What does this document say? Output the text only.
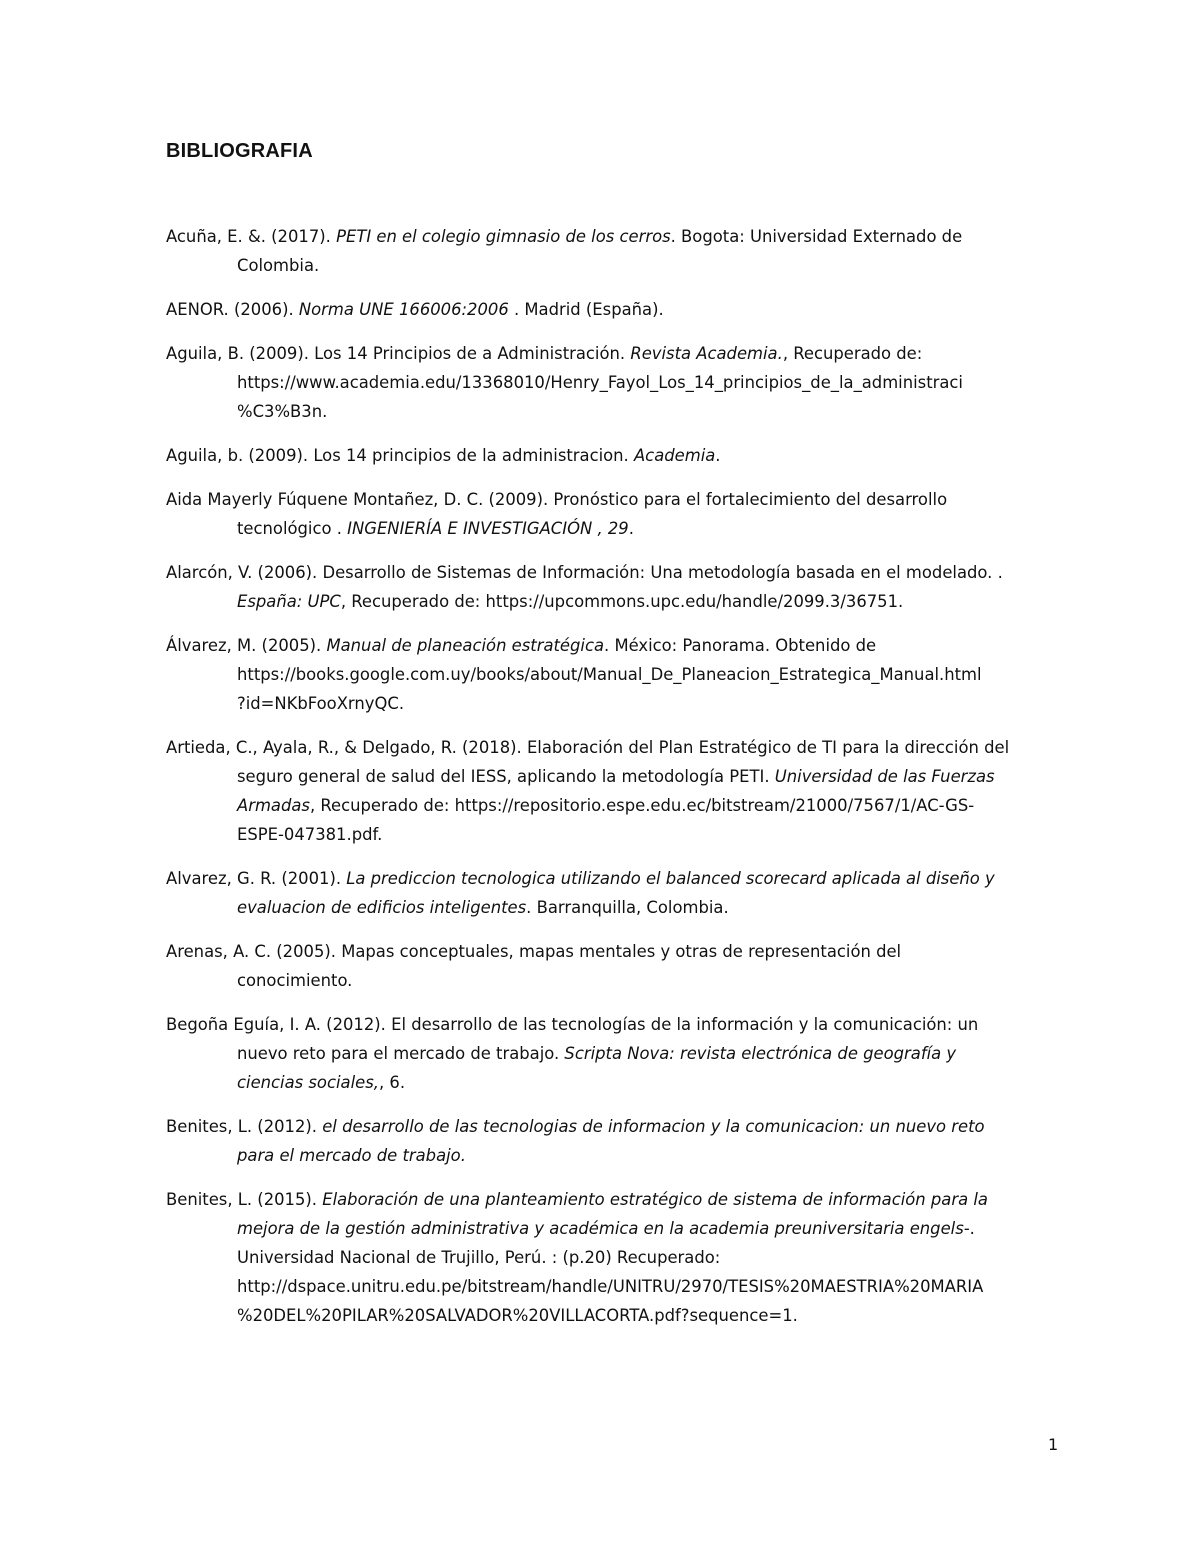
BIBLIOGRAFIA
Acuña, E. &. (2017). PETI en el colegio gimnasio de los cerros. Bogota: Universidad Externado de
Colombia.
AENOR. (2006). Norma UNE 166006:2006 . Madrid (España).
Aguila, B. (2009). Los 14 Principios de a Administración. Revista Academia., Recuperado de:
https://www.academia.edu/13368010/Henry_Fayol_Los_14_principios_de_la_administraci
%C3%B3n.
Aguila, b. (2009). Los 14 principios de la administracion. Academia.
Aida Mayerly Fúquene Montañez, D. C. (2009). Pronóstico para el fortalecimiento del desarrollo
tecnológico . INGENIERÍA E INVESTIGACIÓN , 29.
Alarcón, V. (2006). Desarrollo de Sistemas de Información: Una metodología basada en el modelado. .
España: UPC, Recuperado de: https://upcommons.upc.edu/handle/2099.3/36751.
Álvarez, M. (2005). Manual de planeación estratégica. México: Panorama. Obtenido de
https://books.google.com.uy/books/about/Manual_De_Planeacion_Estrategica_Manual.html
?id=NKbFooXrnyQC.
Artieda, C., Ayala, R., & Delgado, R. (2018). Elaboración del Plan Estratégico de TI para la dirección del
seguro general de salud del IESS, aplicando la metodología PETI. Universidad de las Fuerzas
Armadas, Recuperado de: https://repositorio.espe.edu.ec/bitstream/21000/7567/1/AC-GS-
ESPE-047381.pdf.
Alvarez, G. R. (2001). La prediccion tecnologica utilizando el balanced scorecard aplicada al diseño y
evaluacion de edificios inteligentes. Barranquilla, Colombia.
Arenas, A. C. (2005). Mapas conceptuales, mapas mentales y otras de representación del
conocimiento.
Begoña Eguía, I. A. (2012). El desarrollo de las tecnologías de la información y la comunicación: un
nuevo reto para el mercado de trabajo. Scripta Nova: revista electrónica de geografía y
ciencias sociales,, 6.
Benites, L. (2012). el desarrollo de las tecnologias de informacion y la comunicacion: un nuevo reto
para el mercado de trabajo.
Benites, L. (2015). Elaboración de una planteamiento estratégico de sistema de información para la
mejora de la gestión administrativa y académica en la academia preuniversitaria engels-.
Universidad Nacional de Trujillo, Perú. : (p.20) Recuperado:
http://dspace.unitru.edu.pe/bitstream/handle/UNITRU/2970/TESIS%20MAESTRIA%20MARIA
%20DEL%20PILAR%20SALVADOR%20VILLACORTA.pdf?sequence=1.
1
